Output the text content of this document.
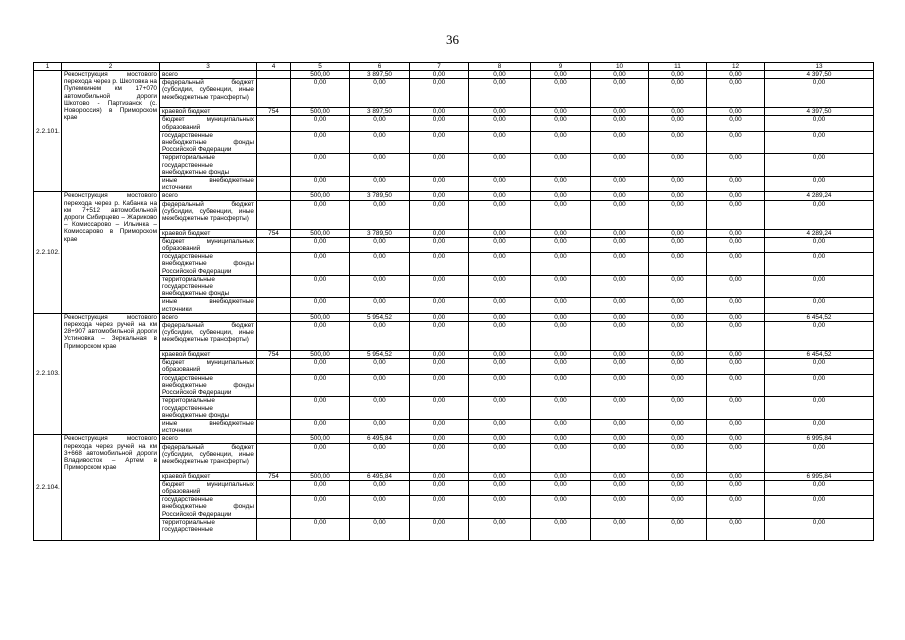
36
1	2	3	4	5	6	7	8	9	10	11	12	13
2.2.101.	Реконструкция мостового перехода через р. Шкотовка на Пулемкинем км 17+070 автомобильной дороги Шкотово - Партизанск (с. Новороссия) в Приморском крае	всего		500,00	3 897,50	0,00	0,00	0,00	0,00	0,00	0,00	4 397,50
		федеральный бюджет (субсидии, субвенции, иные межбюджетные трансферты)		0,00	0,00	0,00	0,00	0,00	0,00	0,00	0,00	0,00
		краевой бюджет	754	500,00	3 897,50	0,00	0,00	0,00	0,00	0,00	0,00	4 397,50
		бюджет муниципальных образований		0,00	0,00	0,00	0,00	0,00	0,00	0,00	0,00	0,00
		государственные внебюджетные фонды Российской Федерации		0,00	0,00	0,00	0,00	0,00	0,00	0,00	0,00	0,00
		территориальные государственные внебюджетные фонды		0,00	0,00	0,00	0,00	0,00	0,00	0,00	0,00	0,00
		иные внебюджетные источники		0,00	0,00	0,00	0,00	0,00	0,00	0,00	0,00	0,00
2.2.102.	Реконструкция мостового перехода через р. Кабанка на км 7+512 автомобильной дороги Сибирцево – Жариково – Комиссарово – Ильинка – Комиссарово в Приморском крае	всего		500,00	3 789,50	0,00	0,00	0,00	0,00	0,00	0,00	4 289,24
		федеральный бюджет (субсидии, субвенции, иные межбюджетные трансферты)		0,00	0,00	0,00	0,00	0,00	0,00	0,00	0,00	0,00
		краевой бюджет	754	500,00	3 789,50	0,00	0,00	0,00	0,00	0,00	0,00	4 289,24
		бюджет муниципальных образований		0,00	0,00	0,00	0,00	0,00	0,00	0,00	0,00	0,00
		государственные внебюджетные фонды Российской Федерации		0,00	0,00	0,00	0,00	0,00	0,00	0,00	0,00	0,00
		территориальные государственные внебюджетные фонды		0,00	0,00	0,00	0,00	0,00	0,00	0,00	0,00	0,00
		иные внебюджетные источники		0,00	0,00	0,00	0,00	0,00	0,00	0,00	0,00	0,00
2.2.103.	Реконструкция мостового перехода через ручей на км 28+907 автомобильной дороги Устиновка – Зеркальная в Приморском крае	всего		500,00	5 954,52	0,00	0,00	0,00	0,00	0,00	0,00	6 454,52
		федеральный бюджет (субсидии, субвенции, иные межбюджетные трансферты)		0,00	0,00	0,00	0,00	0,00	0,00	0,00	0,00	0,00
		краевой бюджет	754	500,00	5 954,52	0,00	0,00	0,00	0,00	0,00	0,00	6 454,52
		бюджет муниципальных образований		0,00	0,00	0,00	0,00	0,00	0,00	0,00	0,00	0,00
		государственные внебюджетные фонды Российской Федерации		0,00	0,00	0,00	0,00	0,00	0,00	0,00	0,00	0,00
		территориальные государственные внебюджетные фонды		0,00	0,00	0,00	0,00	0,00	0,00	0,00	0,00	0,00
		иные внебюджетные источники		0,00	0,00	0,00	0,00	0,00	0,00	0,00	0,00	0,00
2.2.104.	Реконструкция мостового перехода через ручей на км 3+668 автомобильной дороги Владивосток – Артем в Приморском крае	всего		500,00	6 495,84	0,00	0,00	0,00	0,00	0,00	0,00	6 995,84
		федеральный бюджет (субсидии, субвенции, иные межбюджетные трансферты)		0,00	0,00	0,00	0,00	0,00	0,00	0,00	0,00	0,00
		краевой бюджет	754	500,00	6 495,84	0,00	0,00	0,00	0,00	0,00	0,00	6 995,84
		бюджет муниципальных образований		0,00	0,00	0,00	0,00	0,00	0,00	0,00	0,00	0,00
		государственные внебюджетные фонды Российской Федерации		0,00	0,00	0,00	0,00	0,00	0,00	0,00	0,00	0,00
		территориальные государственные		0,00	0,00	0,00	0,00	0,00	0,00	0,00	0,00	0,00
